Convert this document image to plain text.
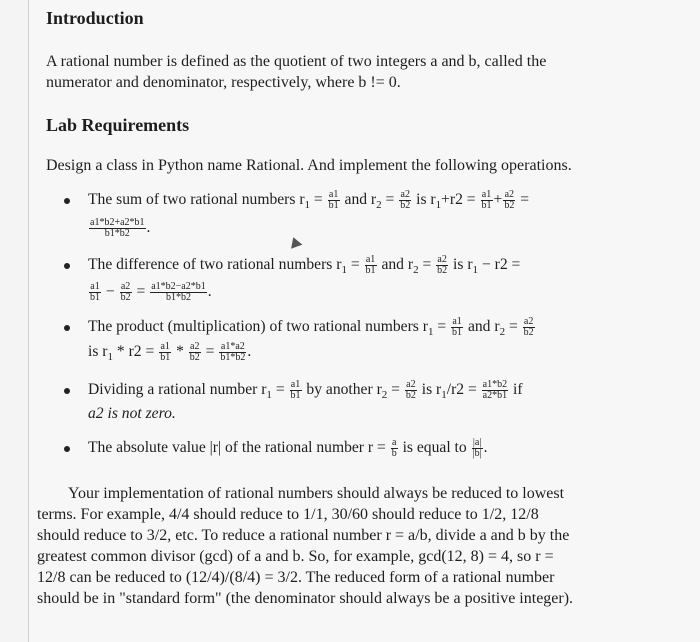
Introduction

A rational number is defined as the quotient of two integers a and b, called the

numerator and denominator, respectively, where b != 0.

Lab Requirements

Design a class in Python name Rational. And implement the following operations.

The sum of two rational numbers $r_1 = \frac{a1}{b1}$ and $r_2 = \frac{a2}{b2}$ is $r_1+r2 = \frac{a1}{b1} + \frac{a2}{b2}$ =
$\frac{a1*b2+a2*b1}{b1*b2}$ .
The difference of two rational numbers $r_1 = \frac{a1}{b1}$ and $r_2 = \frac{a2}{b2}$ is $r_1 - r2$ =
$\frac{a1}{b1} - \frac{a2}{b2} = \frac{a1*b2-a2*b1}{b1*b2}$ .
The product (multiplication) of two rational numbers $r_1 = \frac{a1}{b1}$ and $r_2 = \frac{a2}{b2}$
is $r_1 * r2 = \frac{a1}{b1} * \frac{a2}{b2} = \frac{a1*a2}{b1*b2}$ .
Dividing a rational number $r_1 = \frac{a1}{b1}$ by another $r_2 = \frac{a2}{b2}$ is $r_1/r2 = \frac{a1*b2}{a2*b1}$ if
a2 is not zero.
The absolute value |r| of the rational number $r = \frac{a}{b}$ is equal to $\frac{|a|}{|b|}$ .

Your implementation of rational numbers should always be reduced to lowest

terms. For example, 4/4 should reduce to 1/1, 30/60 should reduce to 1/2, 12/8

should reduce to 3/2, etc. To reduce a rational number r = a/b, divide a and b by the

greatest common divisor (gcd) of a and b. So, for example, gcd(12, 8) = 4, so r =

12/8 can be reduced to (12/4)/(8/4) = 3/2. The reduced form of a rational number

should be in "standard form" (the denominator should always be a positive integer).
